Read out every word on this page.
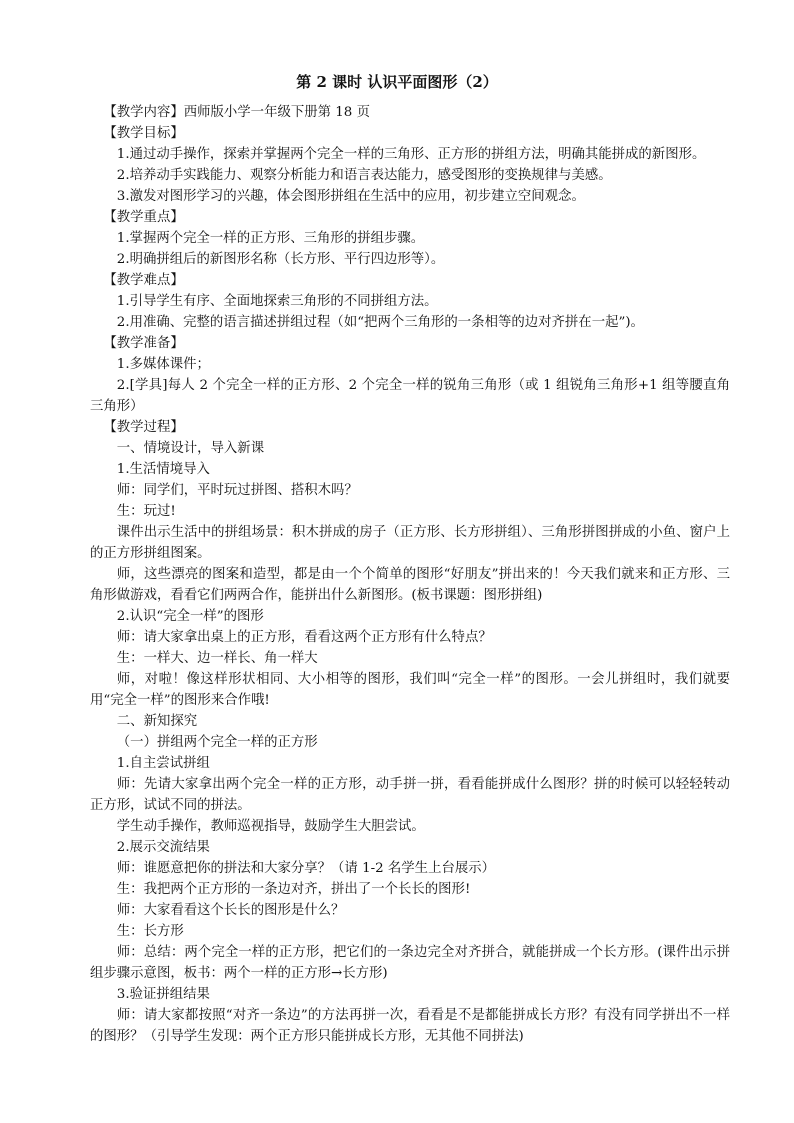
第 2 课时 认识平面图形（2）

【教学内容】西师版小学一年级下册第 18 页

【教学目标】

1.通过动手操作，探索并掌握两个完全一样的三角形、正方形的拼组方法，明确其能拼成的新图形。

2.培养动手实践能力、观察分析能力和语言表达能力，感受图形的变换规律与美感。

3.激发对图形学习的兴趣，体会图形拼组在生活中的应用，初步建立空间观念。

【教学重点】

1.掌握两个完全一样的正方形、三角形的拼组步骤。

2.明确拼组后的新图形名称（长方形、平行四边形等）。

【教学难点】

1.引导学生有序、全面地探索三角形的不同拼组方法。

2.用准确、完整的语言描述拼组过程（如“把两个三角形的一条相等的边对齐拼在一起”)。

【教学准备】

1.多媒体课件；

2.[学具]每人 2 个完全一样的正方形、2 个完全一样的锐角三角形（或 1 组锐角三角形+1 组等腰直角三角形）

【教学过程】

一、情境设计，导入新课

1.生活情境导入

师：同学们，平时玩过拼图、搭积木吗？

生：玩过!

课件出示生活中的拼组场景：积木拼成的房子（正方形、长方形拼组）、三角形拼图拼成的小鱼、窗户上的正方形拼组图案。

师，这些漂亮的图案和造型，都是由一个个简单的图形“好朋友”拼出来的！今天我们就来和正方形、三角形做游戏，看看它们两两合作，能拼出什么新图形。(板书课题：图形拼组)

2.认识“完全一样”的图形

师：请大家拿出桌上的正方形，看看这两个正方形有什么特点？

生：一样大、边一样长、角一样大

师，对啦！像这样形状相同、大小相等的图形，我们叫“完全一样”的图形。一会儿拼组时，我们就要用“完全一样”的图形来合作哦!

二、新知探究

（一）拼组两个完全一样的正方形

1.自主尝试拼组

师：先请大家拿出两个完全一样的正方形，动手拼一拼，看看能拼成什么图形？拼的时候可以轻轻转动正方形，试试不同的拼法。

学生动手操作，教师巡视指导，鼓励学生大胆尝试。

2.展示交流结果

师：谁愿意把你的拼法和大家分享？（请 1-2 名学生上台展示）

生：我把两个正方形的一条边对齐，拼出了一个长长的图形!

师：大家看看这个长长的图形是什么？

生：长方形

师：总结：两个完全一样的正方形，把它们的一条边完全对齐拼合，就能拼成一个长方形。(课件出示拼组步骤示意图，板书：两个一样的正方形→长方形)

3.验证拼组结果

师：请大家都按照“对齐一条边”的方法再拼一次，看看是不是都能拼成长方形？有没有同学拼出不一样的图形？（引导学生发现：两个正方形只能拼成长方形，无其他不同拼法)
